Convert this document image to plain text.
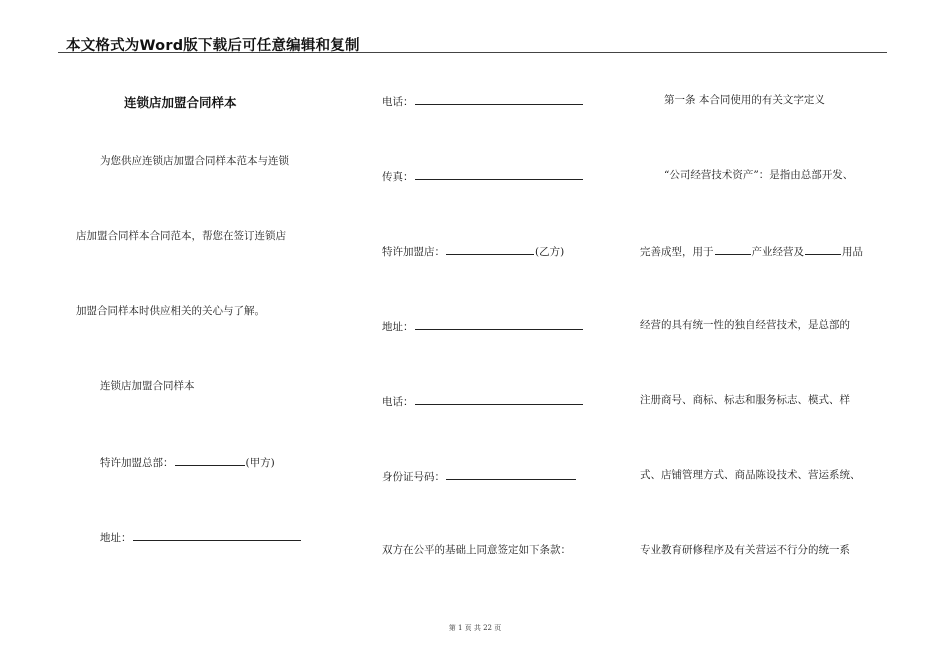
本文格式为Word版下载后可任意编辑和复制
连锁店加盟合同样本
为您供应连锁店加盟合同样本范本与连锁
店加盟合同样本合同范本，帮您在签订连锁店
加盟合同样本时供应相关的关心与了解。
连锁店加盟合同样本
特许加盟总部：	(甲方)
地址：
电话：
传真：
特许加盟店：	(乙方)
地址：
电话：
身份证号码：
双方在公平的基础上同意签定如下条款：
第一条 本合同使用的有关文字定义
“公司经营技术资产”：是指由总部开发、
完善成型，用于	产业经营及	用品
经营的具有统一性的独自经营技术，是总部的
注册商号、商标、标志和服务标志、模式、样
式、店铺管理方式、商品陈设技术、营运系统、
专业教育研修程序及有关营运不行分的统一系
第 1 页 共 22 页
